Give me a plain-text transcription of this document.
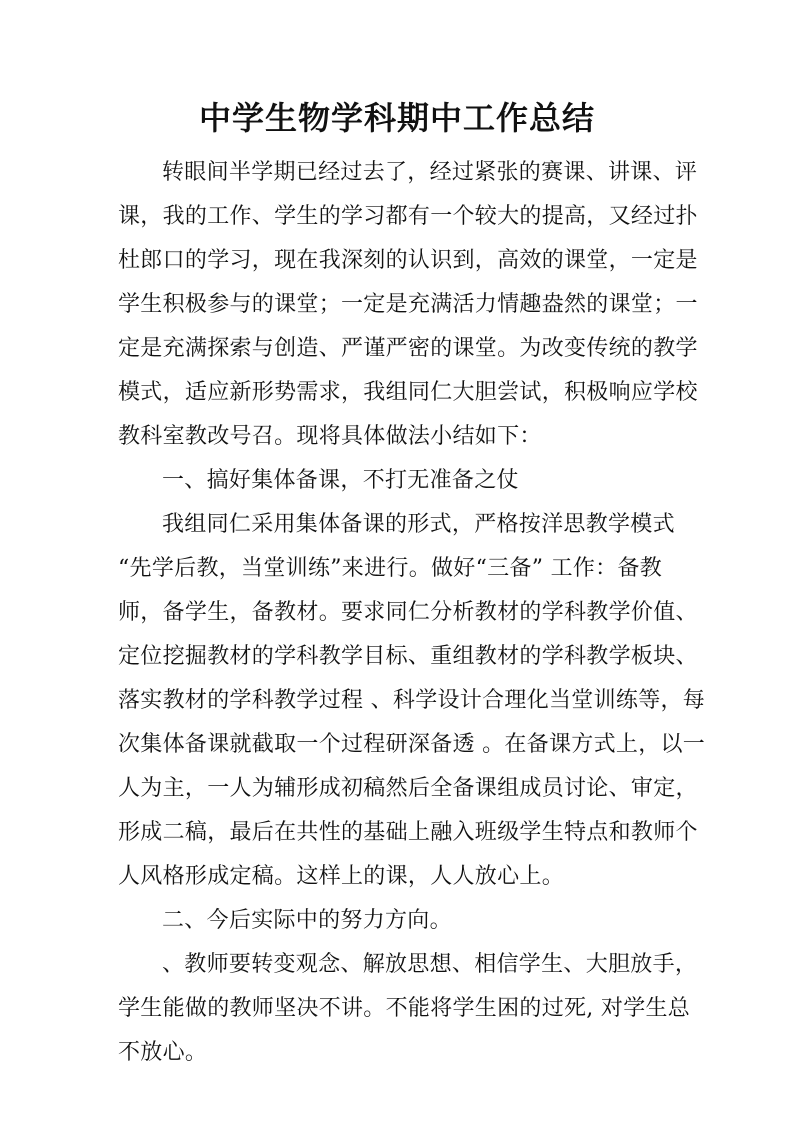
中学生物学科期中工作总结
转眼间半学期已经过去了，经过紧张的赛课、讲课、评
课，我的工作、学生的学习都有一个较大的提高，又经过扑
杜郎口的学习，现在我深刻的认识到，高效的课堂，一定是
学生积极参与的课堂；一定是充满活力情趣盎然的课堂；一
定是充满探索与创造、严谨严密的课堂。为改变传统的教学
模式，适应新形势需求，我组同仁大胆尝试，积极响应学校
教科室教改号召。现将具体做法小结如下：
一、搞好集体备课，不打无准备之仗
我组同仁采用集体备课的形式，严格按洋思教学模式
“先学后教，当堂训练”来进行。做好“三备” 工作：备教
师，备学生，备教材。要求同仁分析教材的学科教学价值、
定位挖掘教材的学科教学目标、重组教材的学科教学板块、
落实教材的学科教学过程 、科学设计合理化当堂训练等，每
次集体备课就截取一个过程研深备透 。在备课方式上，以一
人为主，一人为辅形成初稿然后全备课组成员讨论、审定，
形成二稿，最后在共性的基础上融入班级学生特点和教师个
人风格形成定稿。这样上的课，人人放心上。
二、今后实际中的努力方向。
、教师要转变观念、解放思想、相信学生、大胆放手，
学生能做的教师坚决不讲。不能将学生困的过死, 对学生总
不放心。
